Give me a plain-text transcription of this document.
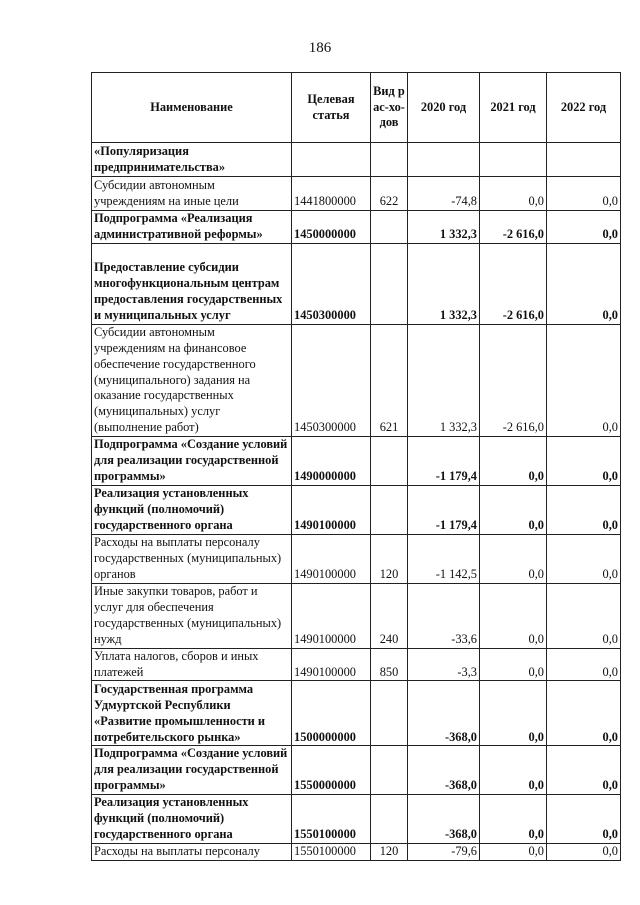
186
Наименование	Целевая статья	Вид рас-хо-дов	2020 год	2021 год	2022 год
«Популяризация предпринимательства»					
Субсидии автономным учреждениям на иные цели	1441800000	622	-74,8	0,0	0,0
Подпрограмма «Реализация административной реформы»	1450000000		1 332,3	-2 616,0	0,0
Предоставление субсидии многофункциональным центрам предоставления государственных и муниципальных услуг	1450300000		1 332,3	-2 616,0	0,0
Субсидии автономным учреждениям на финансовое обеспечение государственного (муниципального) задания на оказание государственных (муниципальных) услуг (выполнение работ)	1450300000	621	1 332,3	-2 616,0	0,0
Подпрограмма «Создание условий для реализации государственной программы»	1490000000		-1 179,4	0,0	0,0
Реализация установленных функций (полномочий) государственного органа	1490100000		-1 179,4	0,0	0,0
Расходы на выплаты персоналу государственных (муниципальных) органов	1490100000	120	-1 142,5	0,0	0,0
Иные закупки товаров, работ и услуг для обеспечения государственных (муниципальных) нужд	1490100000	240	-33,6	0,0	0,0
Уплата налогов, сборов и иных платежей	1490100000	850	-3,3	0,0	0,0
Государственная программа Удмуртской Республики «Развитие промышленности и потребительского рынка»	1500000000		-368,0	0,0	0,0
Подпрограмма «Создание условий для реализации государственной программы»	1550000000		-368,0	0,0	0,0
Реализация установленных функций (полномочий) государственного органа	1550100000		-368,0	0,0	0,0
Расходы на выплаты персоналу	1550100000	120	-79,6	0,0	0,0
